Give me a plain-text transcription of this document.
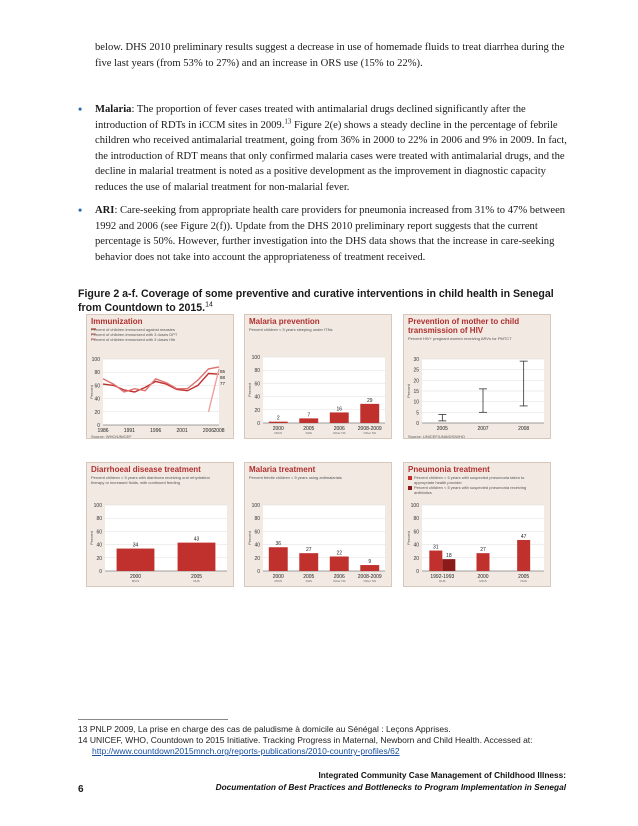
below. DHS 2010 preliminary results suggest a decrease in use of homemade fluids to treat diarrhea during the five last years (from 53% to 27%) and an increase in ORS use (15% to 22%).
• Malaria: The proportion of fever cases treated with antimalarial drugs declined significantly after the introduction of RDTs in iCCM sites in 2009.13 Figure 2(e) shows a steady decline in the percentage of febrile children who received antimalarial treatment, going from 36% in 2000 to 22% in 2006 and 9% in 2009. In fact, the introduction of RDT means that only confirmed malaria cases were treated with antimalarial drugs, and the decline in malarial treatment is noted as a positive development as the improvement in diagnostic capacity reduces the use of malarial treatment for non-malarial fever.
• ARI: Care-seeking from appropriate health care providers for pneumonia increased from 31% to 47% between 1992 and 2006 (see Figure 2(f)). Update from the DHS 2010 preliminary report suggests that the current percentage is 50%. However, further investigation into the DHS data shows that the increase in care-seeking behavior does not take into account the appropriateness of treatment received.
Figure 2 a-f. Coverage of some preventive and curative interventions in child health in Senegal from Countdown to 2015.14
0
20
40
60
80
100
Percent
85
88
77
1986	1991	1996	2001	2006 2008
Immunization
Percent of children immunized against measles
Percent of children immunized with 3 doses DPT
Percent of children immunized with 3 doses Hib
Source: WHO/UNICEF
0
20
40
60
80
100
Percent
2
2000
MICS
7
2005
DHS
16
2006
Other NS
29
2008-2009
Other NS
Malaria prevention
Percent children < 5 years sleeping under ITNs
0
5
10
15
20
25
30
Percent
2005	2007	2008
Prevention of mother to child transmission of HIV
Percent HIV+ pregnant women receiving ARVs for PMTCT
Source: UNICEF/UNAIDS/WHO
0
20
40
60
80
100
Percent
34
2000
MICS
43
2005
DHS
Diarrhoeal disease treatment
Percent children < 5 years with diarrhoea receiving oral rehydration therapy or increased fluids, with continued feeding
0
20
40
60
80
100
Percent	36
2000
MICS
27
2005
DHS
22
2006
Other NS
9
2008-2009
Other NS
Malaria treatment
Percent febrile children < 5 years using antimalarials
0
20
40
60
80
100
Percent
31
18
1992-1993
DHS
27
2000
MICS
47
2005
DHS
Pneumonia treatment
Percent children < 5 years with suspected pneumonia taken to appropriate health provider
Percent children < 5 years with suspected pneumonia receiving antibiotics
13 PNLP 2009, La prise en charge des cas de paludisme à domicile au Sénégal : Leçons Apprises.
14 UNICEF, WHO, Countdown to 2015 Initiative. Tracking Progress in Maternal, Newborn and Child Health. Accessed at:
http://www.countdown2015mnch.org/reports-publications/2010-country-profiles/62
Integrated Community Case Management of Childhood Illness:
Documentation of Best Practices and Bottlenecks to Program Implementation in Senegal
6
